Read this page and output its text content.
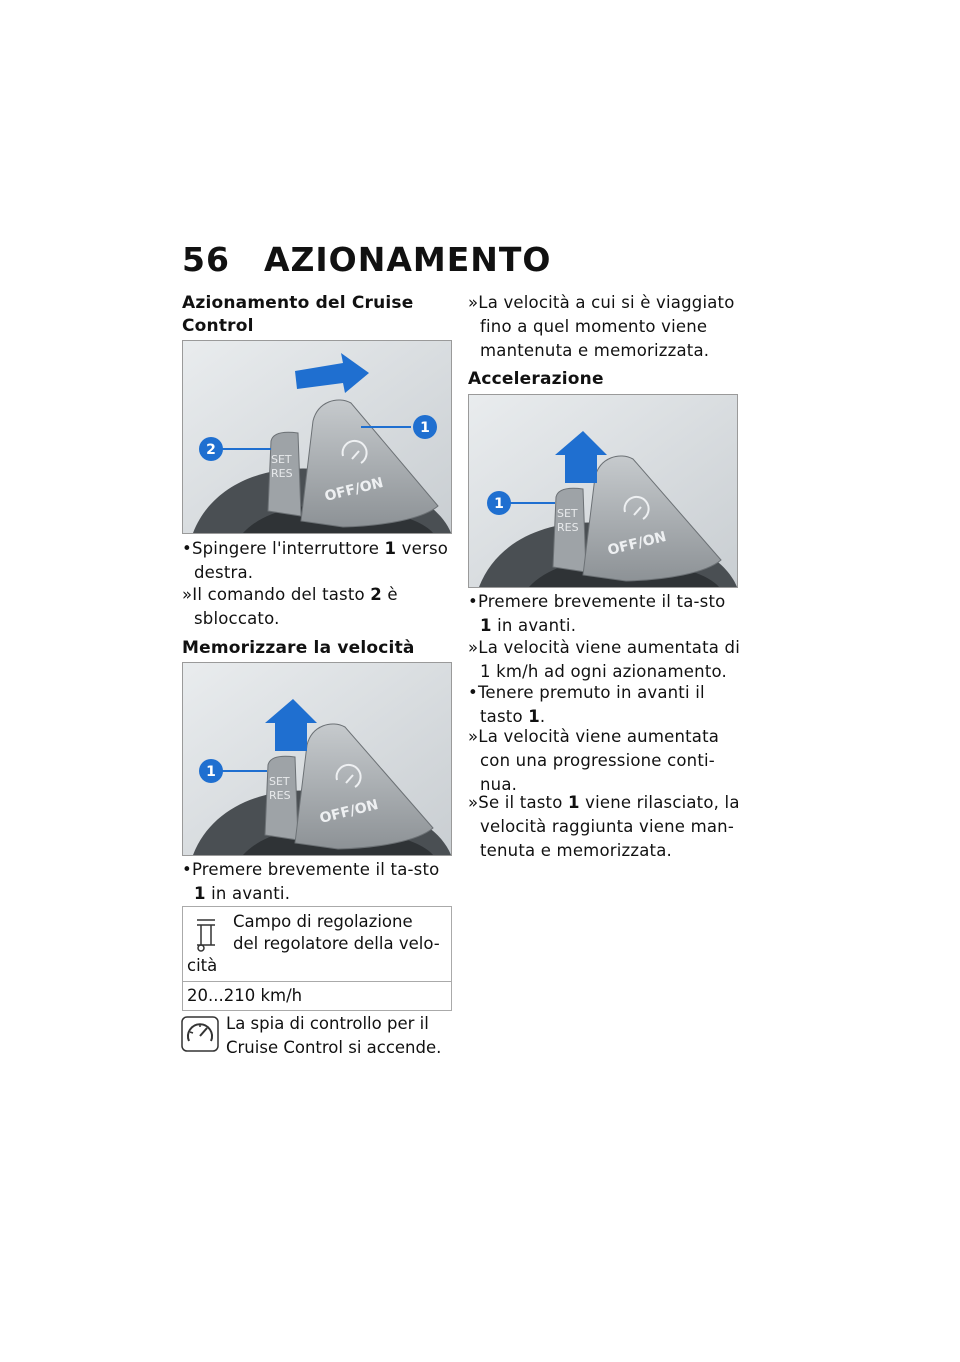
56 AZIONAMENTO
Azionamento del Cruise Control
2
1
SET
RES
OFF/ON

•Spingere l'interruttore 1 verso destra.

»Il comando del tasto 2 è sbloccato.

Memorizzare la velocità
1
SET
RES
OFF/ON

•Premere brevemente il ta-sto 1 in avanti.

Campo di regolazione
del regolatore della velo-
cità
20...210 km/h
La spia di controllo per il
Cruise Control si accende.

»La velocità a cui si è viaggiato fino a quel momento viene mantenuta e memorizzata.

Accelerazione
1
SET
RES
OFF/ON

•Premere brevemente il ta-sto 1 in avanti.

»La velocità viene aumentata di 1 km/h ad ogni azionamento.

•Tenere premuto in avanti il tasto 1.

»La velocità viene aumentata con una progressione conti-nua.

»Se il tasto 1 viene rilasciato, la velocità raggiunta viene man-tenuta e memorizzata.
